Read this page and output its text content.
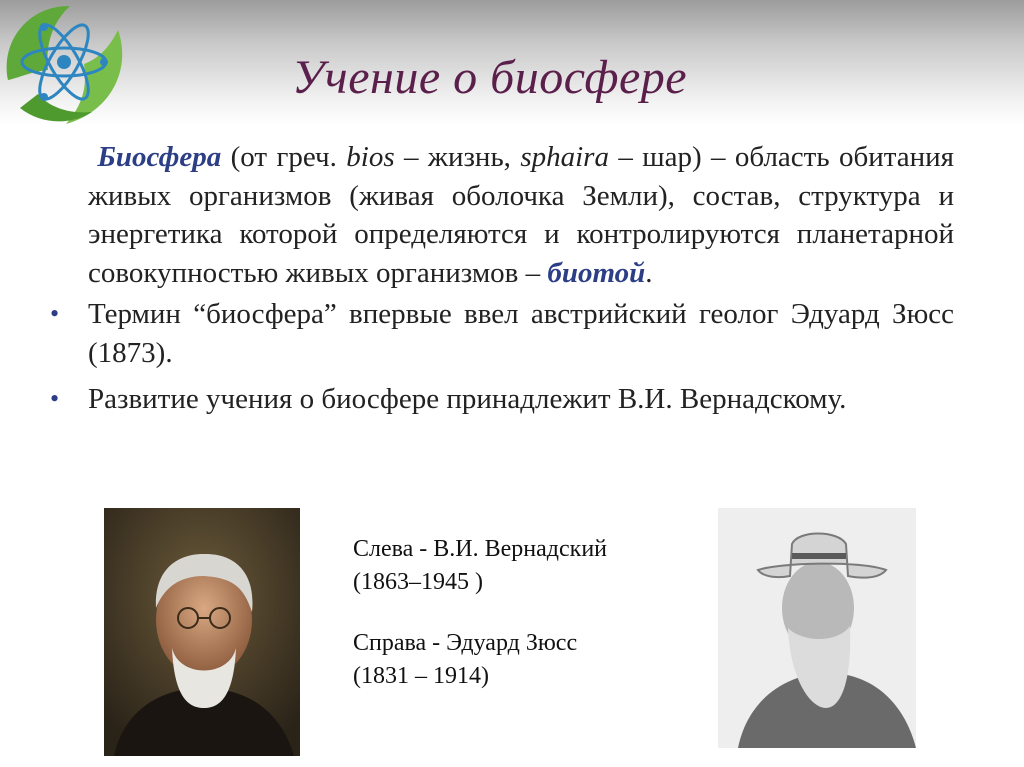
Учение о биосфере

Биосфера (от греч. bios – жизнь, sphaira – шар) – область обитания живых организмов (живая оболочка Земли), состав, структура и энергетика которой определяются и контролируются планетарной совокупностью живых организмов – биотой.

• Термин “биосфера” впервые ввел австрийский геолог Эдуард Зюсс (1873).

• Развитие учения о биосфере принадлежит В.И. Вернадскому.

Слева - В.И. Вернадский

(1863–1945 )

Справа - Эдуард Зюсс

(1831 – 1914)
